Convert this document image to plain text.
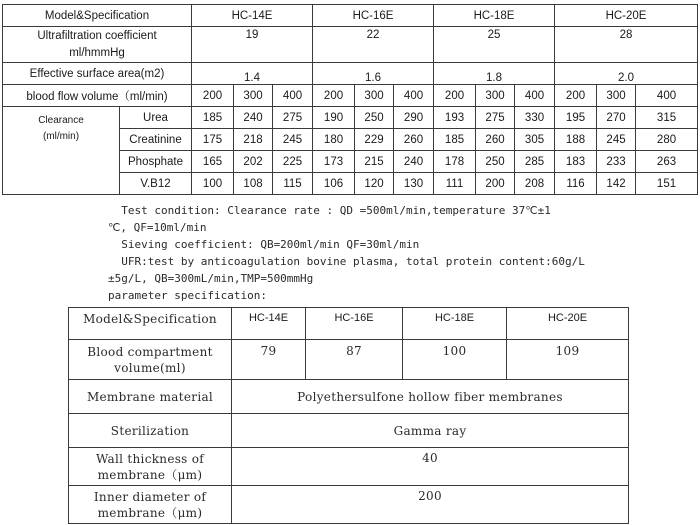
Model&Specification		HC-14E			HC-16E			HC-18E			HC-20E		

Ultrafiltration coefficient
ml/hmmHg		19			22			25			28		
Effective surface area(m2)		1.4			1.6			1.8			2.0		
blood flow volume（ml/min)		200	300	400	200	300	400	200	300	400	200	300	400

Clearance
(ml/min)	Urea	185	240	275	190	250	290	193	275	330	195	270	315
	Creatinine	175	218	245	180	229	260	185	260	305	188	245	280
	Phosphate	165	202	225	173	215	240	178	250	285	183	233	263
	V.B12	100	108	115	106	120	130	111	200	208	116	142	151
Test condition: Clearance rate : QD =500ml/min,temperature 37℃±1
℃, QF=10ml/min
Sieving coefficient: QB=200ml/min QF=30ml/min
UFR:test by anticoagulation bovine plasma, total protein content:60g/L
±5g/L, QB=300mL/min,TMP=500mmHg
parameter specification:
Model&Specification	HC-14E	HC-16E	HC-18E	HC-20E

Blood compartment
volume(ml)	79	87	100	109
Membrane material	Polyethersulfone hollow fiber membranes			
Sterilization	Gamma ray			

Wall thickness of
membrane（μm)	40			

Inner diameter of
membrane（μm)	200			
